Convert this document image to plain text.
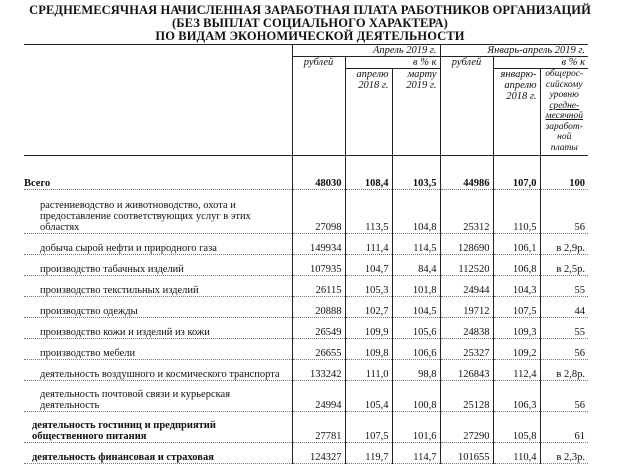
СРЕДНЕМЕСЯЧНАЯ НАЧИСЛЕННАЯ ЗАРАБОТНАЯ ПЛАТА РАБОТНИКОВ ОРГАНИЗАЦИЙ
(БЕЗ ВЫПЛАТ СОЦИАЛЬНОГО ХАРАКТЕРА)
ПО ВИДАМ ЭКОНОМИЧЕСКОЙ ДЕЯТЕЛЬНОСТИ
	Апрель 2019 г.			Январь-апрель 2019 г.		
	рублей	в % к		рублей	в % к	
		апрелю 2018 г.	марту 2019 г.		январю-апрелю 2018 г.	общерос-сийскому уровню средне-месячной заработ-ной платы

Всего	48030	108,4	103,5	44986	107,0	100
растениеводство и животноводство, охота и предоставление соответствующих услуг в этих областях	27098	113,5	104,8	25312	110,5	56
добыча сырой нефти и природного газа	149934	111,4	114,5	128690	106,1	в 2,9р.
производство табачных изделий	107935	104,7	84,4	112520	106,8	в 2,5р.
производство текстильных изделий	26115	105,3	101,8	24944	104,3	55
производство одежды	20888	102,7	104,5	19712	107,5	44
производство кожи и изделий из кожи	26549	109,9	105,6	24838	109,3	55
производство мебели	26655	109,8	106,6	25327	109,2	56
деятельность воздушного и космического транспорта	133242	111,0	98,8	126843	112,4	в 2,8р.
деятельность почтовой связи и курьерская деятельность	24994	105,4	100,8	25128	106,3	56
деятельность гостиниц и предприятий общественного питания	27781	107,5	101,6	27290	105,8	61
деятельность финансовая и страховая	124327	119,7	114,7	101655	110,4	в 2,3р.
